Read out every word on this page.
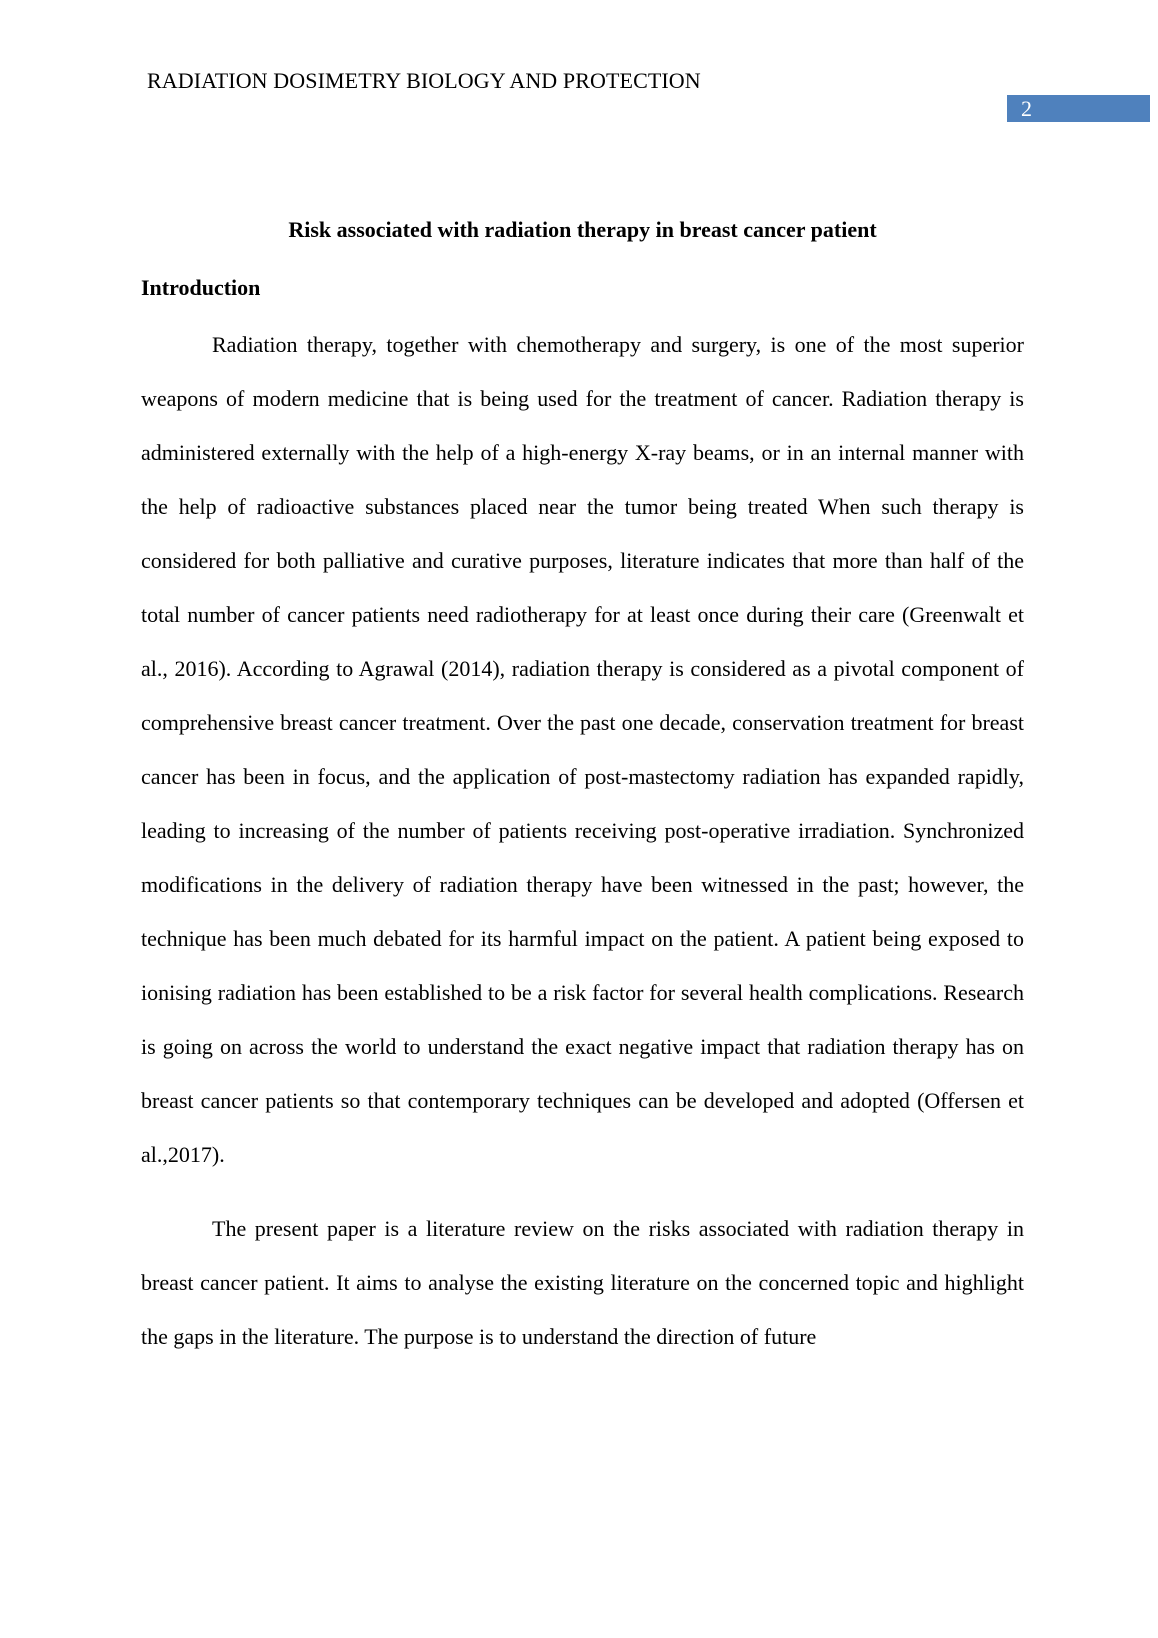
RADIATION DOSIMETRY BIOLOGY AND PROTECTION
2
Risk associated with radiation therapy in breast cancer patient
Introduction

Radiation therapy, together with chemotherapy and surgery, is one of the most superior weapons of modern medicine that is being used for the treatment of cancer. Radiation therapy is administered externally with the help of a high-energy X-ray beams, or in an internal manner with the help of radioactive substances placed near the tumor being treated When such therapy is considered for both palliative and curative purposes, literature indicates that more than half of the total number of cancer patients need radiotherapy for at least once during their care (Greenwalt et al., 2016). According to Agrawal (2014), radiation therapy is considered as a pivotal component of comprehensive breast cancer treatment. Over the past one decade, conservation treatment for breast cancer has been in focus, and the application of post-mastectomy radiation has expanded rapidly, leading to increasing of the number of patients receiving post-operative irradiation. Synchronized modifications in the delivery of radiation therapy have been witnessed in the past; however, the technique has been much debated for its harmful impact on the patient. A patient being exposed to ionising radiation has been established to be a risk factor for several health complications. Research is going on across the world to understand the exact negative impact that radiation therapy has on breast cancer patients so that contemporary techniques can be developed and adopted (Offersen et al.,2017).

The present paper is a literature review on the risks associated with radiation therapy in breast cancer patient. It aims to analyse the existing literature on the concerned topic and highlight the gaps in the literature. The purpose is to understand the direction of future
